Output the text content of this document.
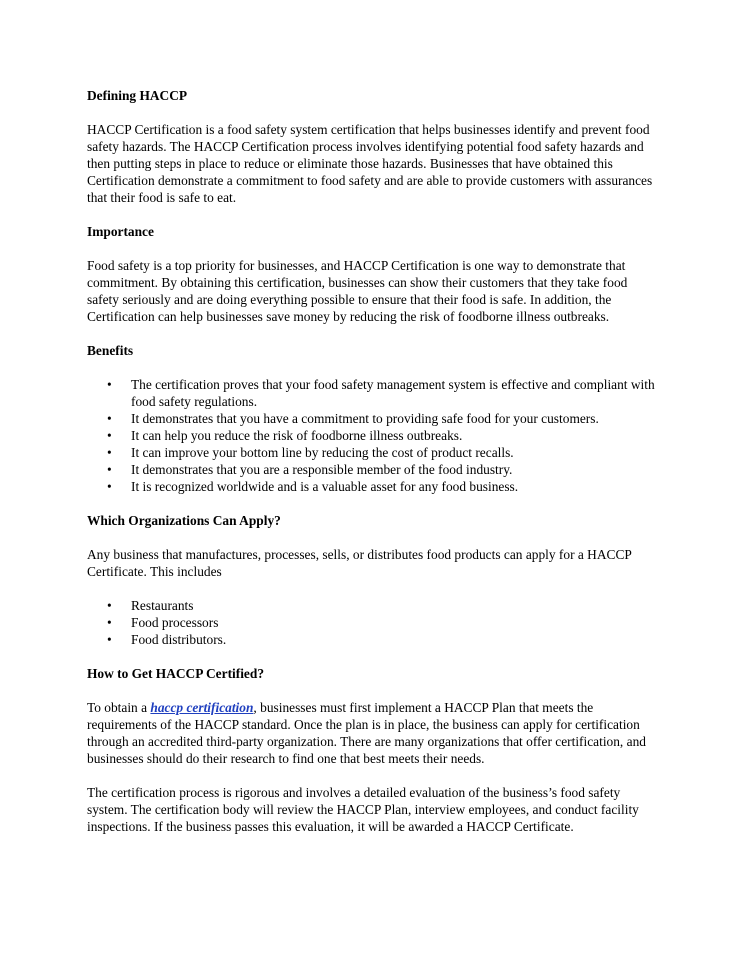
Defining HACCP

HACCP Certification is a food safety system certification that helps businesses identify and prevent food safety hazards. The HACCP Certification process involves identifying potential food safety hazards and then putting steps in place to reduce or eliminate those hazards. Businesses that have obtained this Certification demonstrate a commitment to food safety and are able to provide customers with assurances that their food is safe to eat.

Importance

Food safety is a top priority for businesses, and HACCP Certification is one way to demonstrate that commitment. By obtaining this certification, businesses can show their customers that they take food safety seriously and are doing everything possible to ensure that their food is safe. In addition, the Certification can help businesses save money by reducing the risk of foodborne illness outbreaks.

Benefits
• The certification proves that your food safety management system is effective and compliant with food safety regulations.
• It demonstrates that you have a commitment to providing safe food for your customers.
• It can help you reduce the risk of foodborne illness outbreaks.
• It can improve your bottom line by reducing the cost of product recalls.
• It demonstrates that you are a responsible member of the food industry.
• It is recognized worldwide and is a valuable asset for any food business.
Which Organizations Can Apply?

Any business that manufactures, processes, sells, or distributes food products can apply for a HACCP Certificate. This includes

• Restaurants
• Food processors
• Food distributors.
How to Get HACCP Certified?

To obtain a haccp certification, businesses must first implement a HACCP Plan that meets the requirements of the HACCP standard. Once the plan is in place, the business can apply for certification through an accredited third-party organization. There are many organizations that offer certification, and businesses should do their research to find one that best meets their needs.

The certification process is rigorous and involves a detailed evaluation of the business’s food safety system. The certification body will review the HACCP Plan, interview employees, and conduct facility inspections. If the business passes this evaluation, it will be awarded a HACCP Certificate.
